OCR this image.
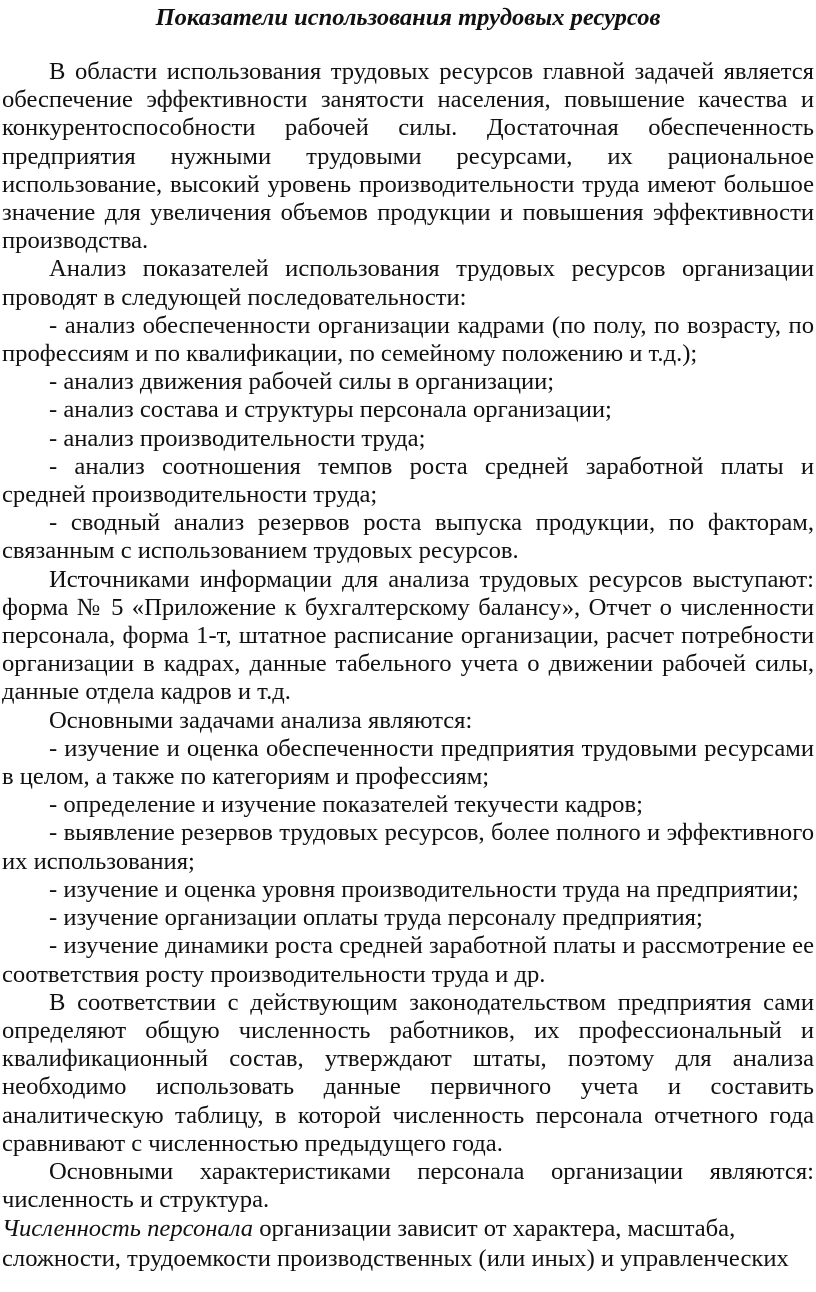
Показатели использования трудовых ресурсов

В области использования трудовых ресурсов главной задачей является обеспечение эффективности занятости населения, повышение качества и конкурентоспособности рабочей силы. Достаточная обеспеченность предприятия нужными трудовыми ресурсами, их рациональное использование, высокий уровень производительности труда имеют большое значение для увеличения объемов продукции и повышения эффективности производства.

Анализ показателей использования трудовых ресурсов организации проводят в следующей последовательности:

- анализ обеспеченности организации кадрами (по полу, по возрасту, по профессиям и по квалификации, по семейному положению и т.д.);

- анализ движения рабочей силы в организации;

- анализ состава и структуры персонала организации;

- анализ производительности труда;

- анализ соотношения темпов роста средней заработной платы и средней производительности труда;

- сводный анализ резервов роста выпуска продукции, по факторам, связанным с использованием трудовых ресурсов.

Источниками информации для анализа трудовых ресурсов выступают: форма № 5 «Приложение к бухгалтерскому балансу», Отчет о численности персонала, форма 1-т, штатное расписание организации, расчет потребности организации в кадрах, данные табельного учета о движении рабочей силы, данные отдела кадров и т.д.

Основными задачами анализа являются:

- изучение и оценка обеспеченности предприятия трудовыми ресурсами в целом, а также по категориям и профессиям;

- определение и изучение показателей текучести кадров;

- выявление резервов трудовых ресурсов, более полного и эффективного их использования;

- изучение и оценка уровня производительности труда на предприятии;

- изучение организации оплаты труда персоналу предприятия;

- изучение динамики роста средней заработной платы и рассмотрение ее соответствия росту производительности труда и др.

В соответствии с действующим законодательством предприятия сами определяют общую численность работников, их профессиональный и квалификационный состав, утверждают штаты, поэтому для анализа необходимо использовать данные первичного учета и составить аналитическую таблицу, в которой численность персонала отчетного года сравнивают с численностью предыдущего года.

Основными характеристиками персонала организации являются: численность и структура.

Численность персонала организации зависит от характера, масштаба, сложности, трудоемкости производственных (или иных) и управленческих
